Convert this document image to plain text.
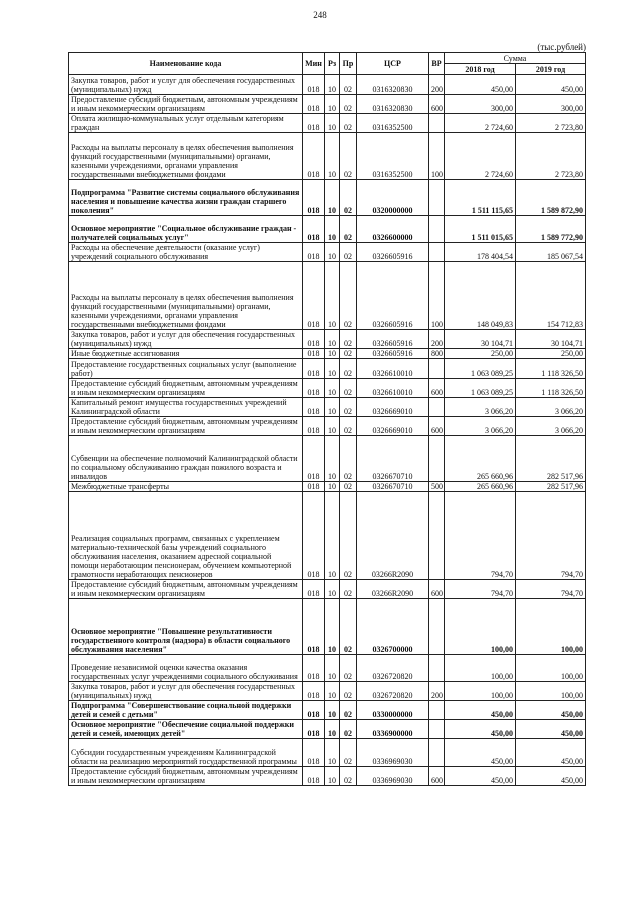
248
(тыс.рублей)
Наименование кода	Мин	Рз	Пр	ЦСР	ВР	Сумма	
						2018 год	2019 год
Закупка товаров, работ и услуг для обеспечения государственных (муниципальных) нужд	018	10	02	0316320830	200	450,00	450,00
Предоставление субсидий бюджетным, автономным учреждениям и иным некоммерческим организациям	018	10	02	0316320830	600	300,00	300,00
Оплата жилищно-коммунальных услуг отдельным категориям граждан	018	10	02	0316352500		2 724,60	2 723,80
Расходы на выплаты персоналу в целях обеспечения выполнения функций государственными (муниципальными) органами, казенными учреждениями, органами управления государственными внебюджетными фондами	018	10	02	0316352500	100	2 724,60	2 723,80
Подпрограмма "Развитие системы социального обслуживания населения и повышение качества жизни граждан старшего поколения"	018	10	02	0320000000		1 511 115,65	1 589 872,90
Основное мероприятие "Социальное обслуживание граждан - получателей социальных услуг"	018	10	02	0326600000		1 511 015,65	1 589 772,90
Расходы на обеспечение деятельности (оказание услуг) учреждений социального обслуживания	018	10	02	0326605916		178 404,54	185 067,54
Расходы на выплаты персоналу в целях обеспечения выполнения функций государственными (муниципальными) органами, казенными учреждениями, органами управления государственными внебюджетными фондами	018	10	02	0326605916	100	148 049,83	154 712,83
Закупка товаров, работ и услуг для обеспечения государственных (муниципальных) нужд	018	10	02	0326605916	200	30 104,71	30 104,71
Иные бюджетные ассигнования	018	10	02	0326605916	800	250,00	250,00
Предоставление государственных социальных услуг (выполнение работ)	018	10	02	0326610010		1 063 089,25	1 118 326,50
Предоставление субсидий бюджетным, автономным учреждениям и иным некоммерческим организациям	018	10	02	0326610010	600	1 063 089,25	1 118 326,50
Капитальный ремонт имущества государственных учреждений Калининградской области	018	10	02	0326669010		3 066,20	3 066,20
Предоставление субсидий бюджетным, автономным учреждениям и иным некоммерческим организациям	018	10	02	0326669010	600	3 066,20	3 066,20
Субвенции на обеспечение полномочий Калининградской области по социальному обслуживанию граждан пожилого возраста и инвалидов	018	10	02	0326670710		265 660,96	282 517,96
Межбюджетные трансферты	018	10	02	0326670710	500	265 660,96	282 517,96
Реализация социальных программ, связанных с укреплением материально-технической базы учреждений социального обслуживания населения, оказанием адресной социальной помощи неработающим пенсионерам, обучением компьютерной грамотности неработающих пенсионеров	018	10	02	03266R2090		794,70	794,70
Предоставление субсидий бюджетным, автономным учреждениям и иным некоммерческим организациям	018	10	02	03266R2090	600	794,70	794,70
Основное мероприятие "Повышение результативности государственного контроля (надзора) в области социального обслуживания населения"	018	10	02	0326700000		100,00	100,00
Проведение независимой оценки качества оказания государственных услуг учреждениями социального обслуживания	018	10	02	0326720820		100,00	100,00
Закупка товаров, работ и услуг для обеспечения государственных (муниципальных) нужд	018	10	02	0326720820	200	100,00	100,00
Подпрограмма "Совершенствование социальной поддержки детей и семей с детьми"	018	10	02	0330000000		450,00	450,00
Основное мероприятие "Обеспечение социальной поддержки детей и семей, имеющих детей"	018	10	02	0336900000		450,00	450,00
Субсидии государственным учреждениям Калининградской области на реализацию мероприятий государственной программы	018	10	02	0336969030		450,00	450,00
Предоставление субсидий бюджетным, автономным учреждениям и иным некоммерческим организациям	018	10	02	0336969030	600	450,00	450,00
